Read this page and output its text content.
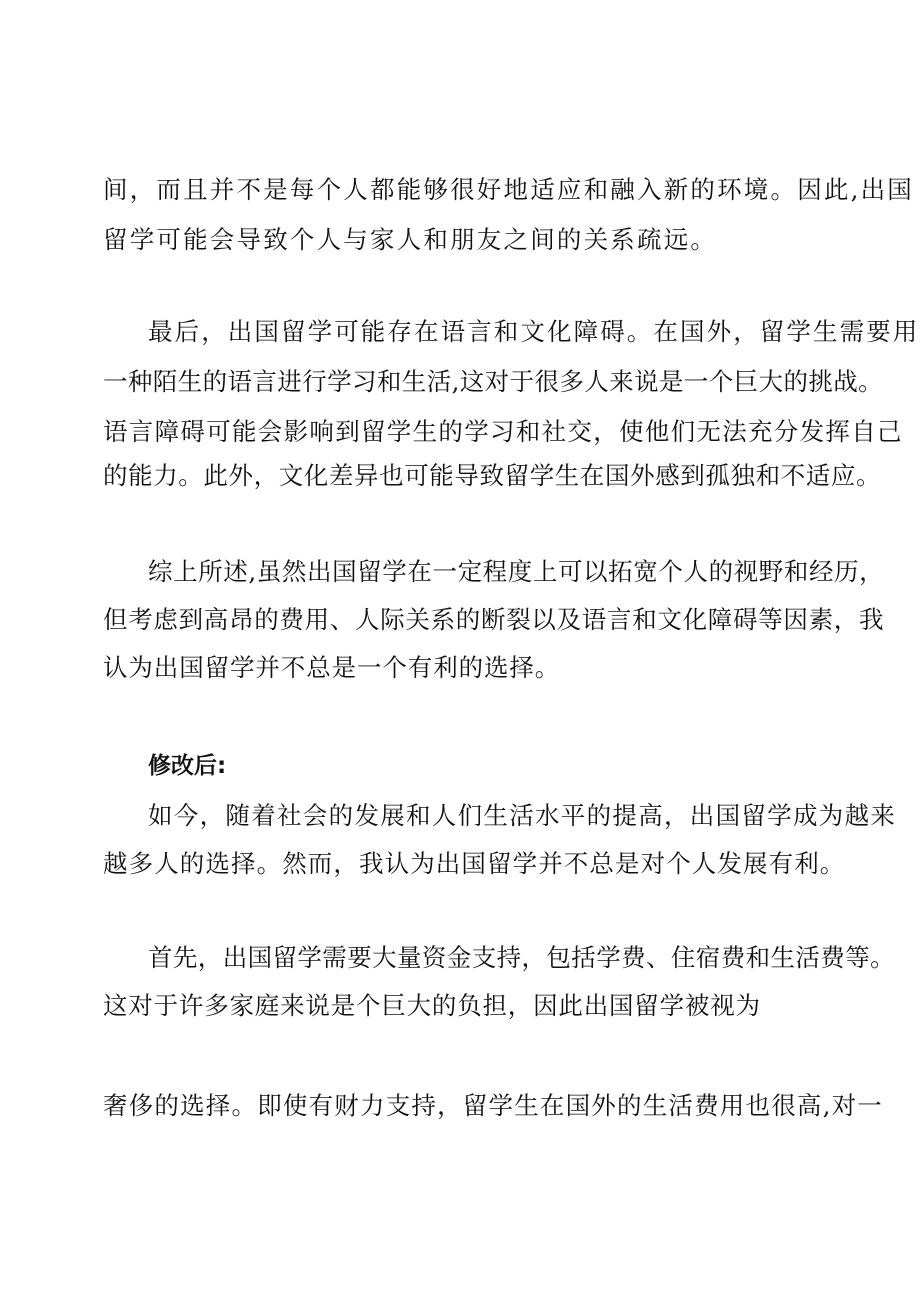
间，而且并不是每个人都能够很好地适应和融入新的环境。因此,出国
留学可能会导致个人与家人和朋友之间的关系疏远。
最后，出国留学可能存在语言和文化障碍。在国外，留学生需要用
一种陌生的语言进行学习和生活,这对于很多人来说是一个巨大的挑战。
语言障碍可能会影响到留学生的学习和社交，使他们无法充分发挥自己
的能力。此外，文化差异也可能导致留学生在国外感到孤独和不适应。
综上所述,虽然出国留学在一定程度上可以拓宽个人的视野和经历，
但考虑到高昂的费用、人际关系的断裂以及语言和文化障碍等因素，我
认为出国留学并不总是一个有利的选择。
修改后:
如今，随着社会的发展和人们生活水平的提高，出国留学成为越来
越多人的选择。然而，我认为出国留学并不总是对个人发展有利。
首先，出国留学需要大量资金支持，包括学费、住宿费和生活费等。
这对于许多家庭来说是个巨大的负担，因此出国留学被视为
奢侈的选择。即使有财力支持，留学生在国外的生活费用也很高,对一
